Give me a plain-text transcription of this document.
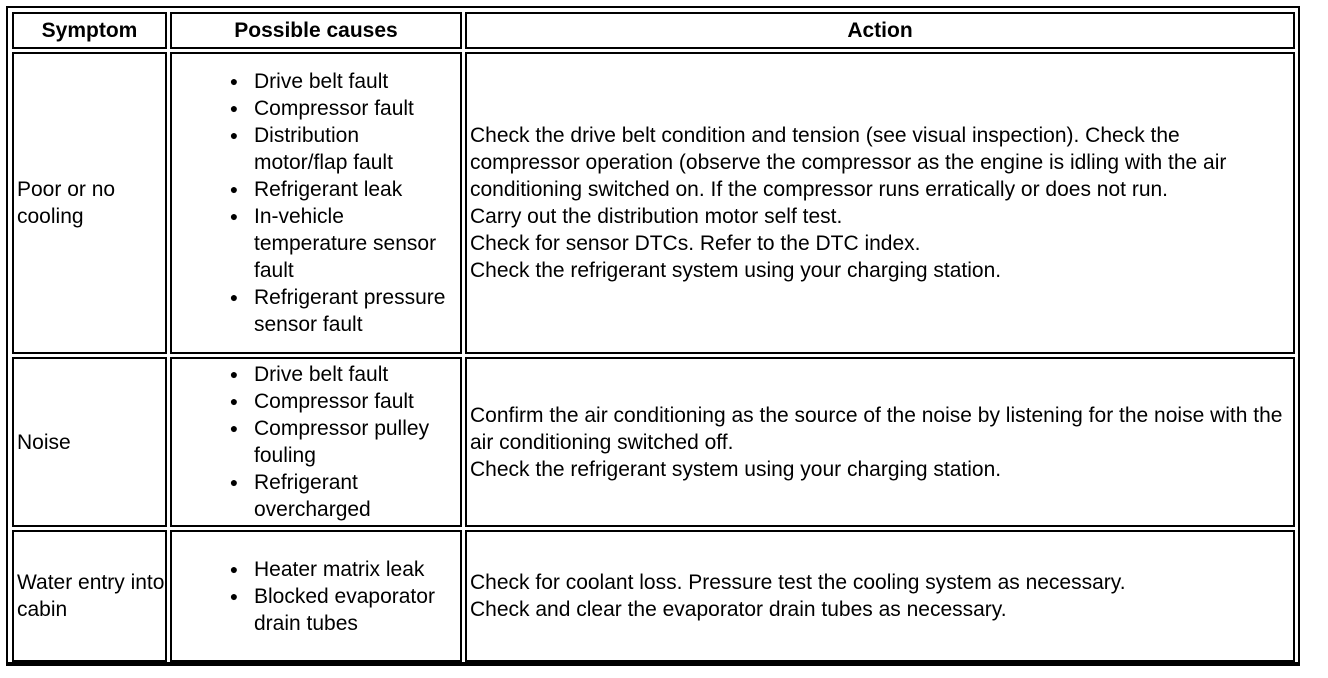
Symptom	Possible causes	Action
Poor or no cooling
● Drive belt fault
● Compressor fault
● Distribution motor/flap fault
● Refrigerant leak
● In-vehicle temperature sensor fault
● Refrigerant pressure sensor fault
Check the drive belt condition and tension (see visual inspection). Check the compressor operation (observe the compressor as the engine is idling with the air conditioning switched on. If the compressor runs erratically or does not run.
Carry out the distribution motor self test.
Check for sensor DTCs. Refer to the DTC index.
Check the refrigerant system using your charging station.
Noise
● Drive belt fault
● Compressor fault
● Compressor pulley fouling
● Refrigerant overcharged
Confirm the air conditioning as the source of the noise by listening for the noise with the air conditioning switched off.
Check the refrigerant system using your charging station.
Water entry into cabin
● Heater matrix leak
● Blocked evaporator drain tubes
Check for coolant loss. Pressure test the cooling system as necessary.
Check and clear the evaporator drain tubes as necessary.
